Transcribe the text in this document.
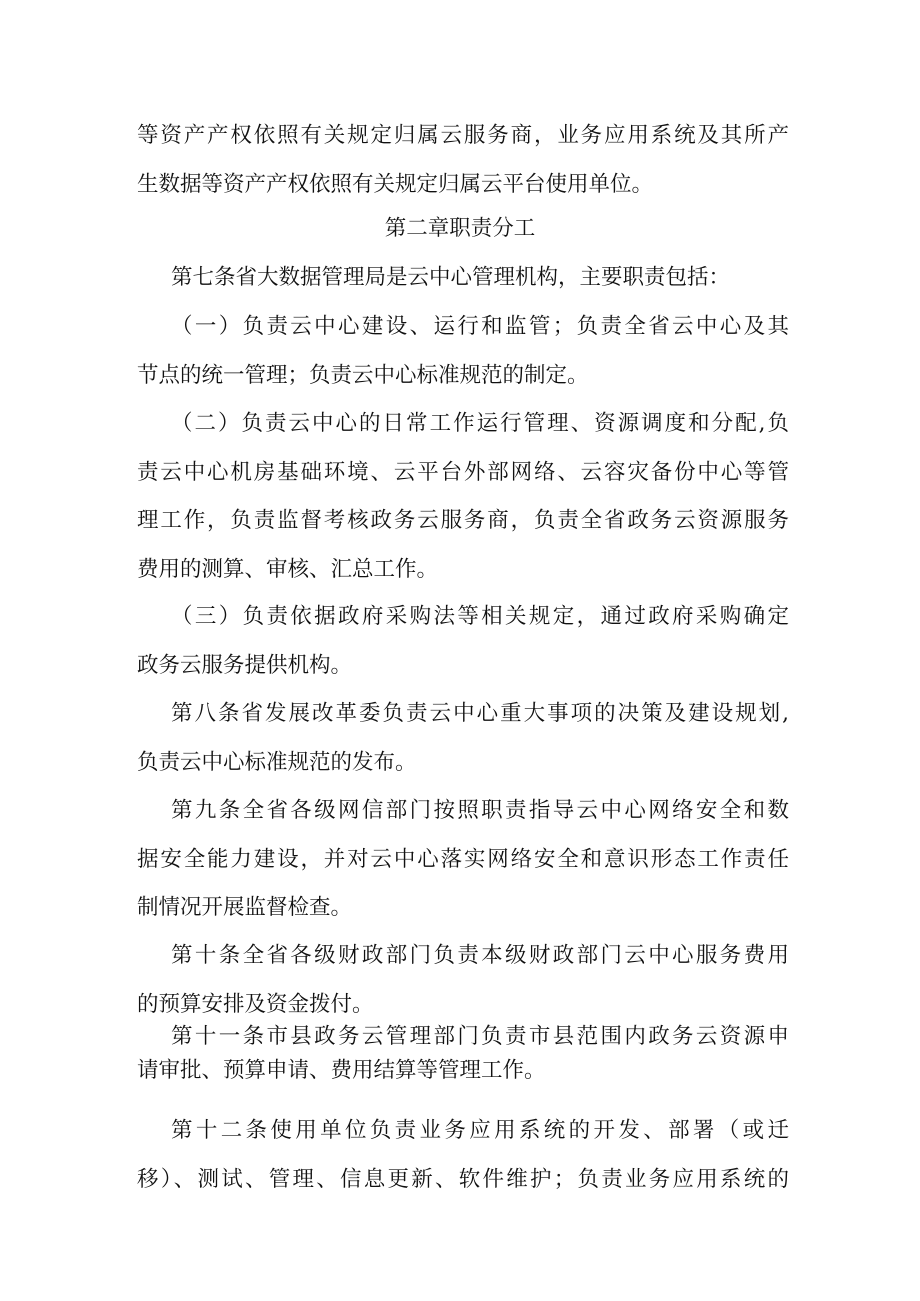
等资产产权依照有关规定归属云服务商，业务应用系统及其所产
生数据等资产产权依照有关规定归属云平台使用单位。
第二章职责分工
第七条省大数据管理局是云中心管理机构，主要职责包括：
（一）负责云中心建设、运行和监管；负责全省云中心及其
节点的统一管理；负责云中心标准规范的制定。
（二）负责云中心的日常工作运行管理、资源调度和分配,负
责云中心机房基础环境、云平台外部网络、云容灾备份中心等管
理工作，负责监督考核政务云服务商，负责全省政务云资源服务
费用的测算、审核、汇总工作。
（三）负责依据政府采购法等相关规定，通过政府采购确定
政务云服务提供机构。
第八条省发展改革委负责云中心重大事项的决策及建设规划,
负责云中心标准规范的发布。
第九条全省各级网信部门按照职责指导云中心网络安全和数
据安全能力建设，并对云中心落实网络安全和意识形态工作责任
制情况开展监督检查。
第十条全省各级财政部门负责本级财政部门云中心服务费用
的预算安排及资金拨付。
第十一条市县政务云管理部门负责市县范围内政务云资源申
请审批、预算申请、费用结算等管理工作。
第十二条使用单位负责业务应用系统的开发、部署（或迁
移）、测试、管理、信息更新、软件维护；负责业务应用系统的
